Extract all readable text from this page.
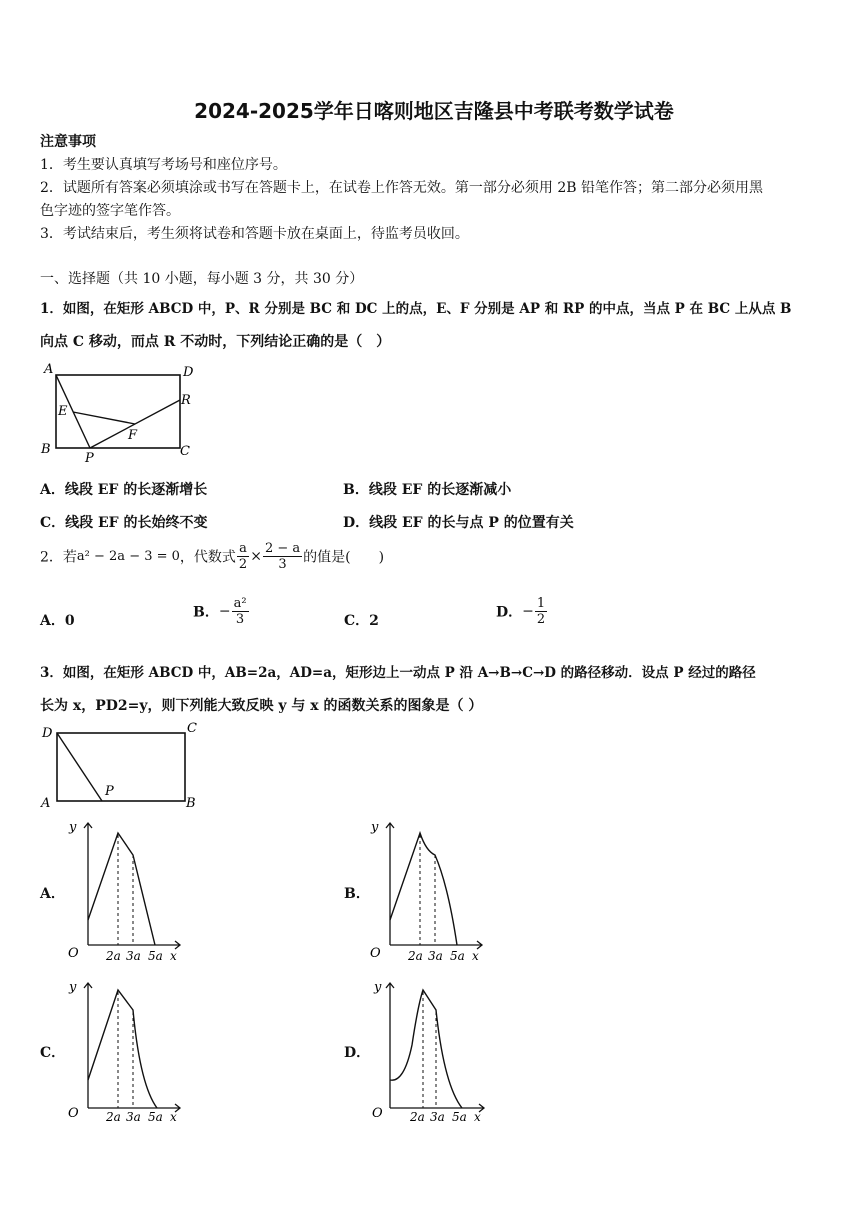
2024-2025学年日喀则地区吉隆县中考联考数学试卷
注意事项
1．考生要认真填写考场号和座位序号。
2．试题所有答案必须填涂或书写在答题卡上，在试卷上作答无效。第一部分必须用 2B 铅笔作答；第二部分必须用黑
色字迹的签字笔作答。
3．考试结束后，考生须将试卷和答题卡放在桌面上，待监考员收回。
一、选择题（共 10 小题，每小题 3 分，共 30 分）
1．如图，在矩形 ABCD 中，P、R 分别是 BC 和 DC 上的点，E、F 分别是 AP 和 RP 的中点，当点 P 在 BC 上从点 B
向点 C 移动，而点 R 不动时，下列结论正确的是（　）
A	D
E
R
F
B	C
P
A．线段 EF 的长逐渐增长	B．线段 EF 的长逐渐减小
C．线段 EF 的长始终不变	D．线段 EF 的长与点 P 的位置有关
2．若a² − 2a − 3 = 0，代数式 $\frac{a}{2} \times \frac{2 - a}{3}$ 的值是(　　)
A．0
B．− $\frac{\text{a²}}{3}$	C．2
D．− $\frac{1}{2}$
3．如图，在矩形 ABCD 中，AB=2a，AD=a，矩形边上一动点 P 沿 A→B→C→D 的路径移动．设点 P 经过的路径
长为 x，PD2=y，则下列能大致反映 y 与 x 的函数关系的图象是（ ）
D	C
P
A	B
A．	B．
C．	D．
y
O 2a 3a 5a x
y
O 2a 3a 5a x
y
O 2a 3a 5a x
y
O 2a 3a 5a x
